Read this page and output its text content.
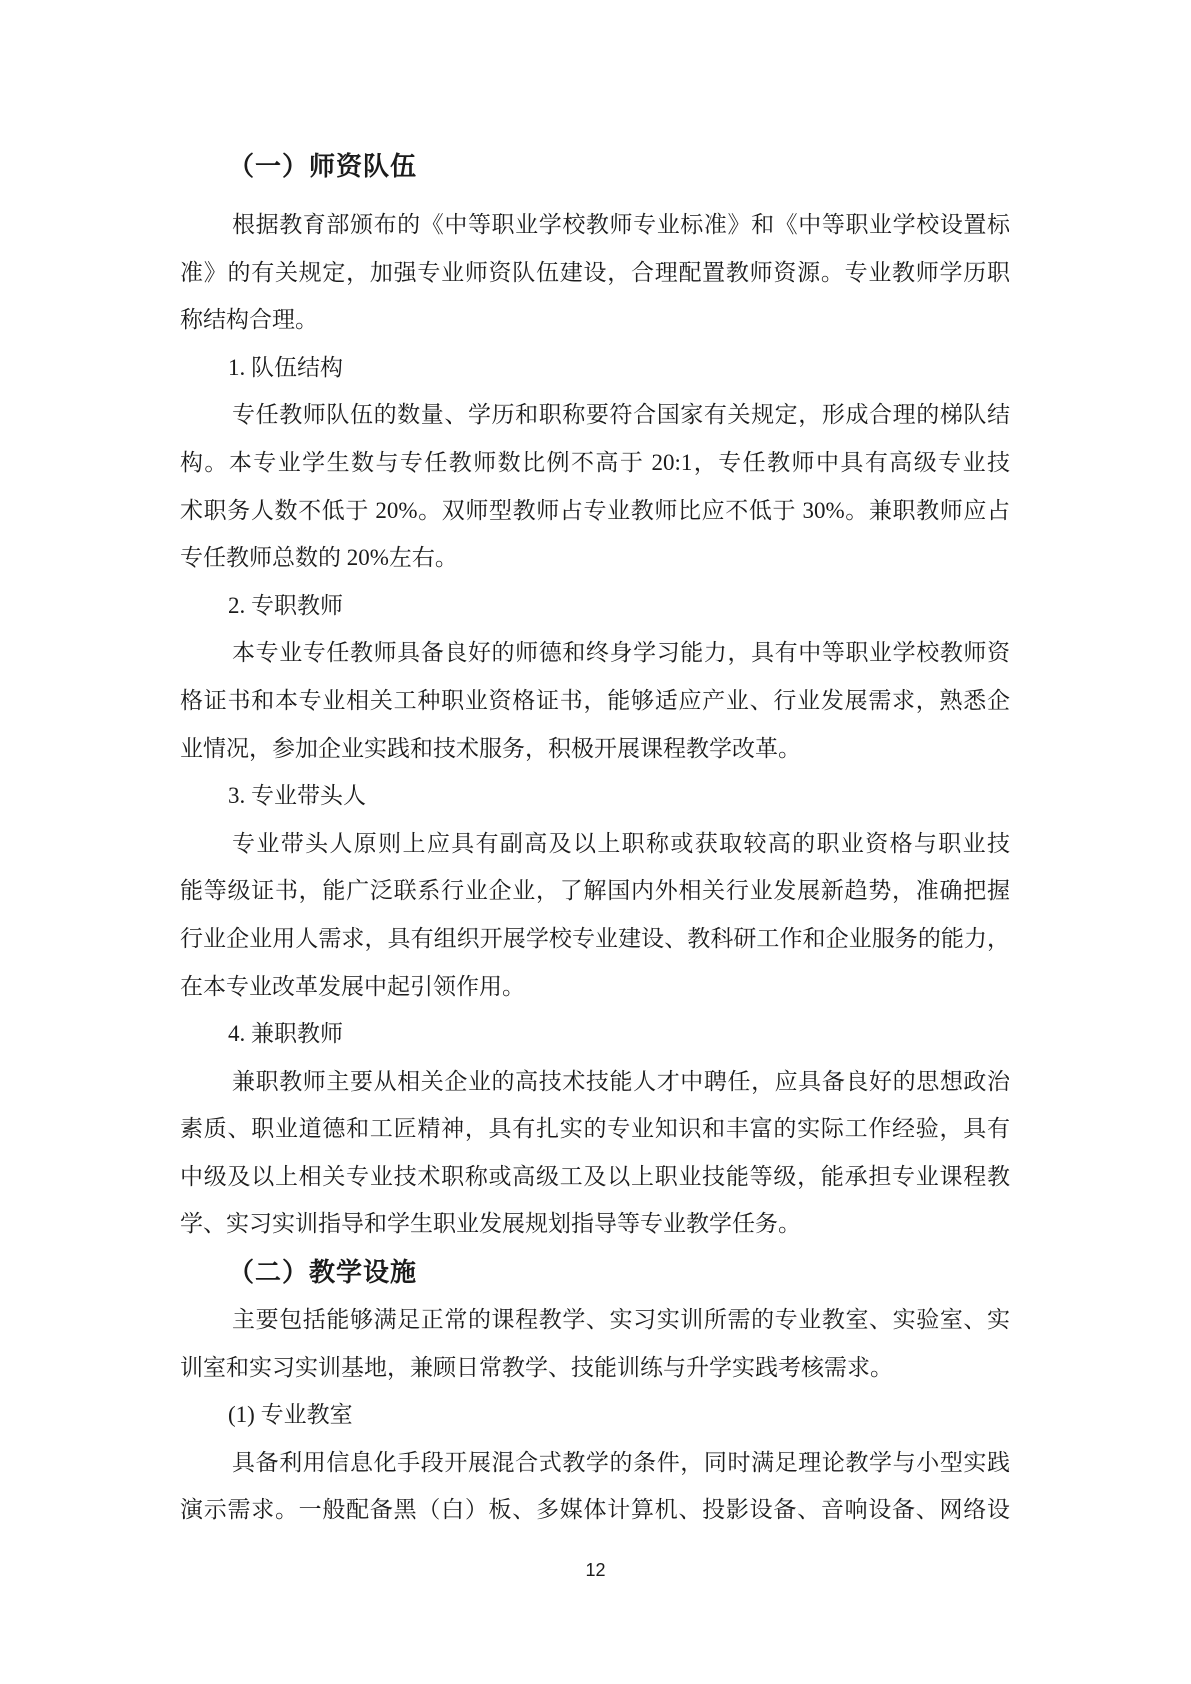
（一）师资队伍
根据教育部颁布的《中等职业学校教师专业标准》和《中等职业学校设置标
准》的有关规定，加强专业师资队伍建设，合理配置教师资源。专业教师学历职
称结构合理。
1. 队伍结构
专任教师队伍的数量、学历和职称要符合国家有关规定，形成合理的梯队结
构。本专业学生数与专任教师数比例不高于 20:1，专任教师中具有高级专业技
术职务人数不低于 20%。双师型教师占专业教师比应不低于 30%。兼职教师应占
专任教师总数的 20%左右。
2. 专职教师
本专业专任教师具备良好的师德和终身学习能力，具有中等职业学校教师资
格证书和本专业相关工种职业资格证书，能够适应产业、行业发展需求，熟悉企
业情况，参加企业实践和技术服务，积极开展课程教学改革。
3. 专业带头人
专业带头人原则上应具有副高及以上职称或获取较高的职业资格与职业技
能等级证书，能广泛联系行业企业，了解国内外相关行业发展新趋势，准确把握
行业企业用人需求，具有组织开展学校专业建设、教科研工作和企业服务的能力，
在本专业改革发展中起引领作用。
4. 兼职教师
兼职教师主要从相关企业的高技术技能人才中聘任，应具备良好的思想政治
素质、职业道德和工匠精神，具有扎实的专业知识和丰富的实际工作经验，具有
中级及以上相关专业技术职称或高级工及以上职业技能等级，能承担专业课程教
学、实习实训指导和学生职业发展规划指导等专业教学任务。
（二）教学设施
主要包括能够满足正常的课程教学、实习实训所需的专业教室、实验室、实
训室和实习实训基地，兼顾日常教学、技能训练与升学实践考核需求。
(1) 专业教室
具备利用信息化手段开展混合式教学的条件，同时满足理论教学与小型实践
演示需求。一般配备黑（白）板、多媒体计算机、投影设备、音响设备、网络设
12
